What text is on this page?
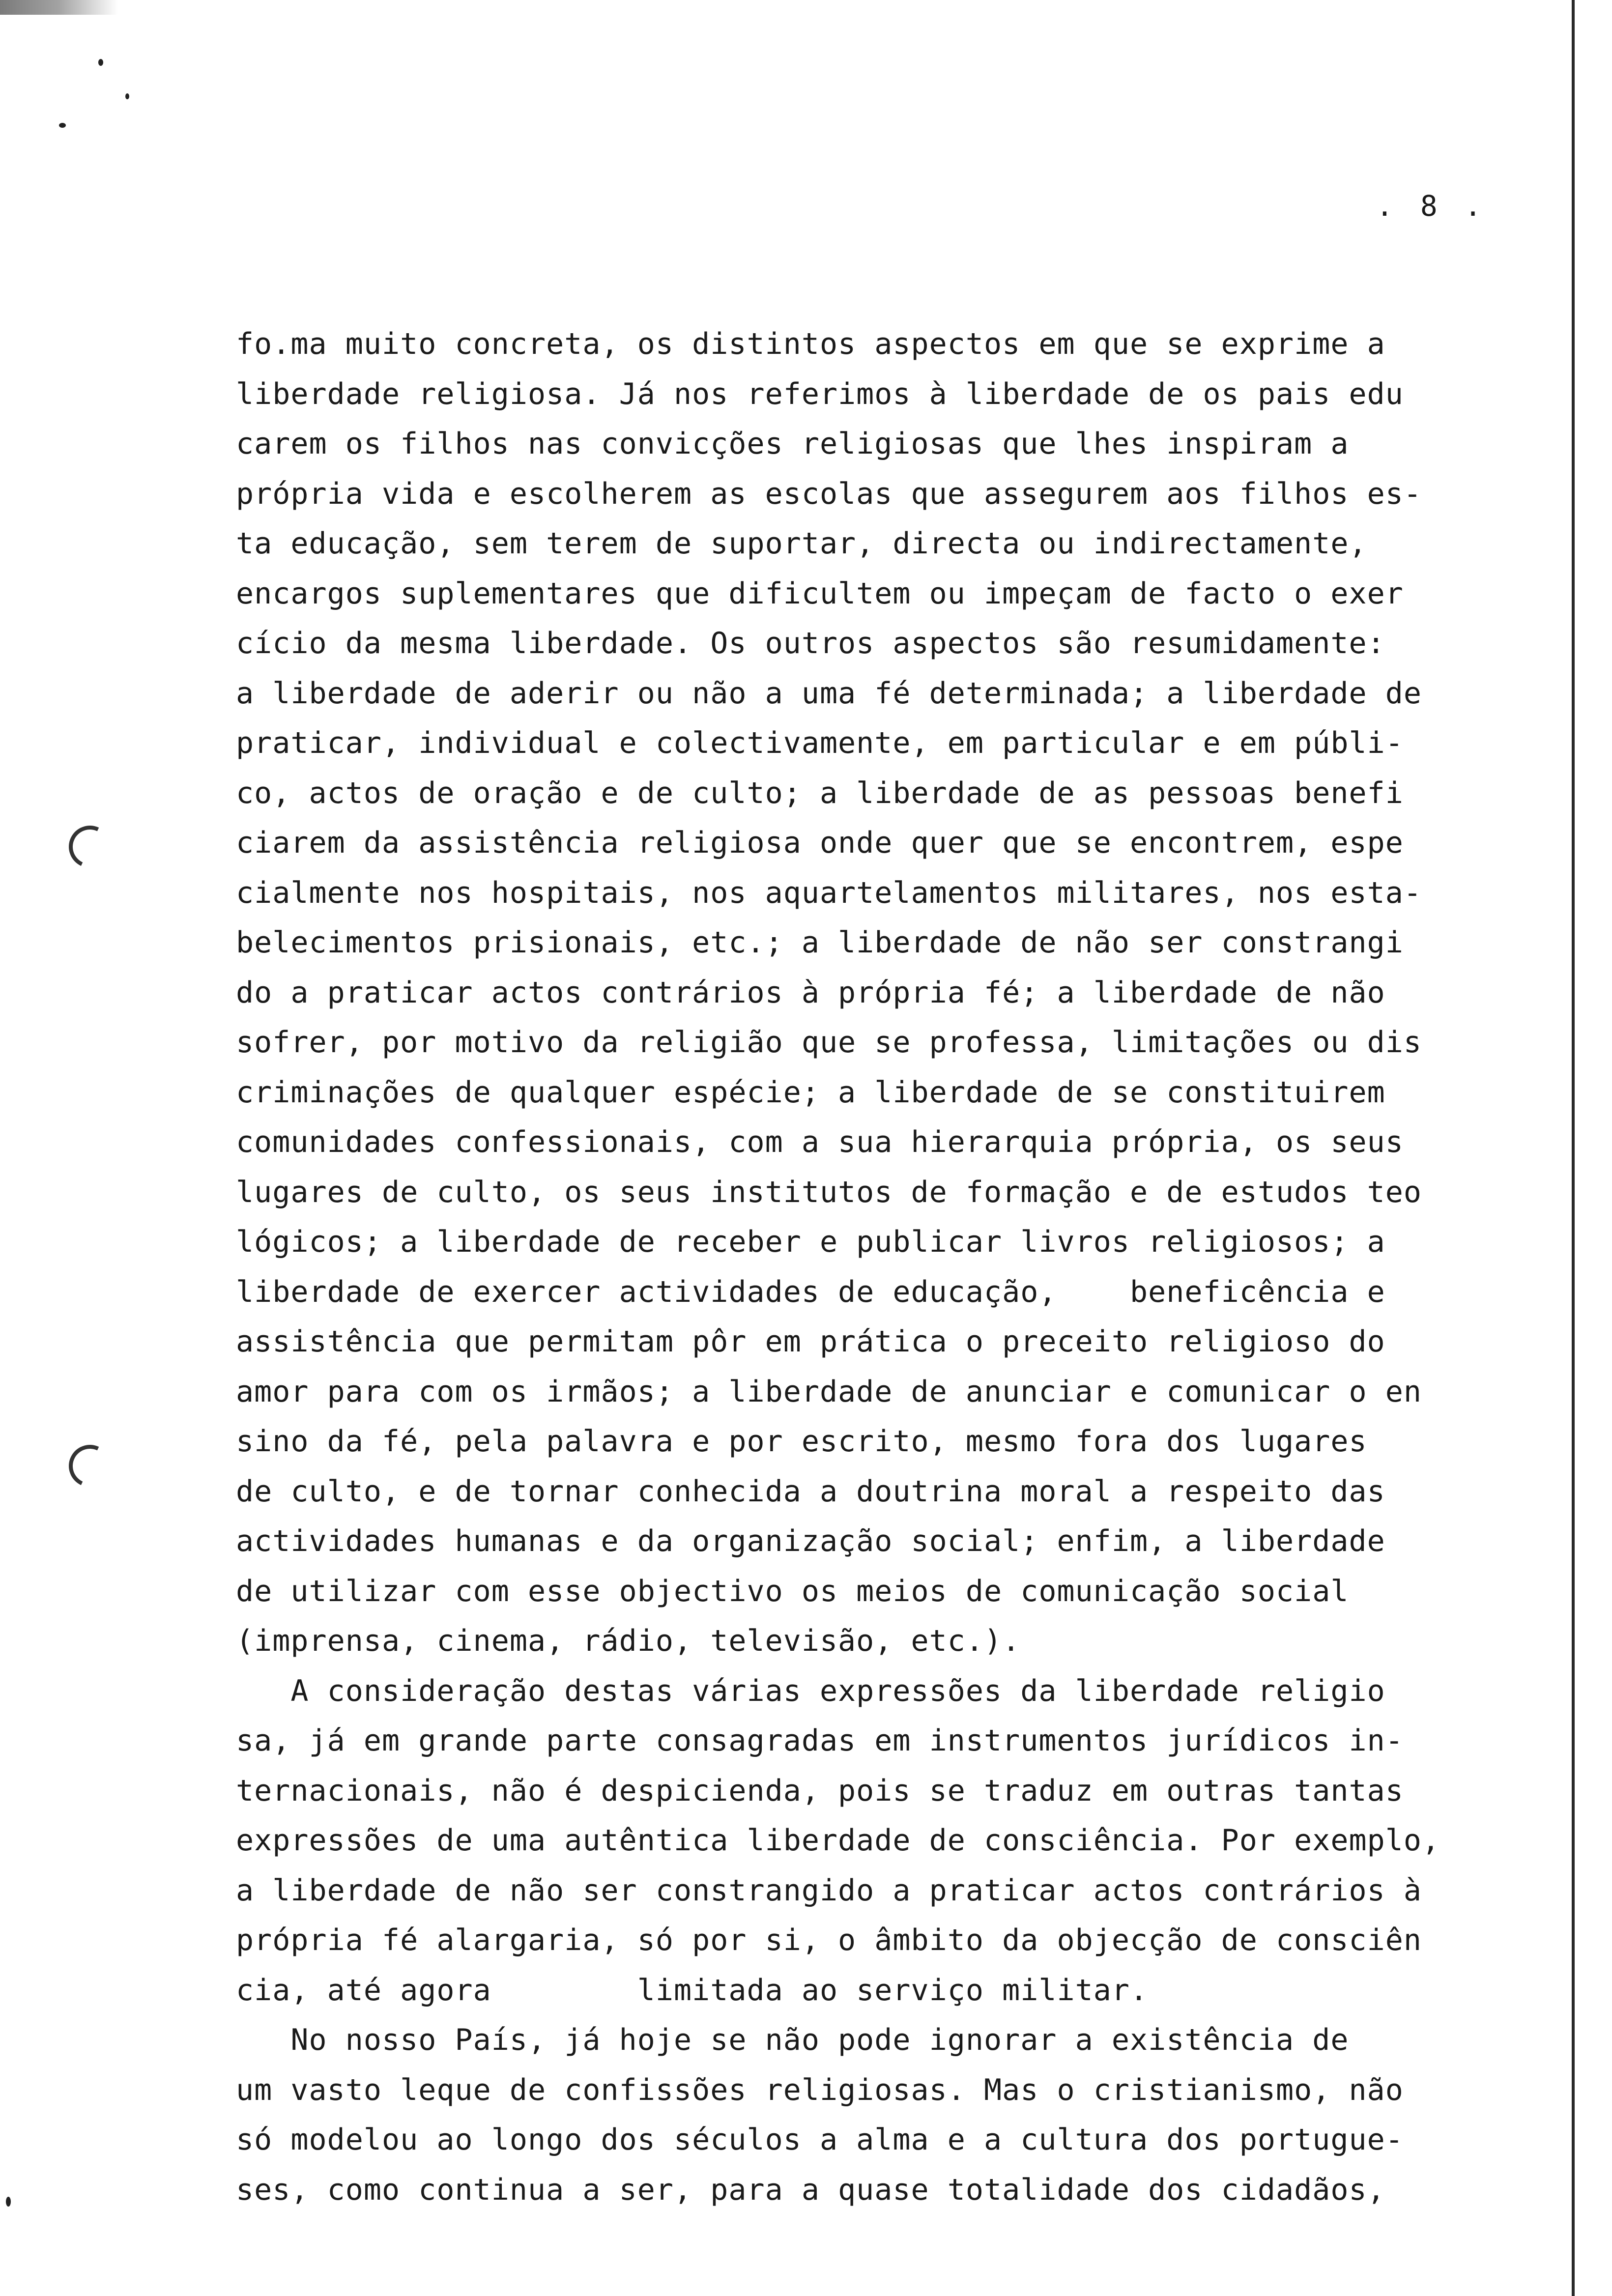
. 8 .
fo.ma muito concreta, os distintos aspectos em que se exprime a
liberdade religiosa. Já nos referimos à liberdade de os pais edu
carem os filhos nas convicções religiosas que lhes inspiram a
própria vida e escolherem as escolas que assegurem aos filhos es-
ta educação, sem terem de suportar, directa ou indirectamente,
encargos suplementares que dificultem ou impeçam de facto o exer
cício da mesma liberdade. Os outros aspectos são resumidamente:
a liberdade de aderir ou não a uma fé determinada; a liberdade de
praticar, individual e colectivamente, em particular e em públi-
co, actos de oração e de culto; a liberdade de as pessoas benefi
ciarem da assistência religiosa onde quer que se encontrem, espe
cialmente nos hospitais, nos aquartelamentos militares, nos esta-
belecimentos prisionais, etc.; a liberdade de não ser constrangi
do a praticar actos contrários à própria fé; a liberdade de não
sofrer, por motivo da religião que se professa, limitações ou dis
criminações de qualquer espécie; a liberdade de se constituirem
comunidades confessionais, com a sua hierarquia própria, os seus
lugares de culto, os seus institutos de formação e de estudos teo
lógicos; a liberdade de receber e publicar livros religiosos; a
liberdade de exercer actividades de educação,    beneficência e
assistência que permitam pôr em prática o preceito religioso do
amor para com os irmãos; a liberdade de anunciar e comunicar o en
sino da fé, pela palavra e por escrito, mesmo fora dos lugares
de culto, e de tornar conhecida a doutrina moral a respeito das
actividades humanas e da organização social; enfim, a liberdade
de utilizar com esse objectivo os meios de comunicação social
(imprensa, cinema, rádio, televisão, etc.).
A consideração destas várias expressões da liberdade religio
sa, já em grande parte consagradas em instrumentos jurídicos in-
ternacionais, não é despicienda, pois se traduz em outras tantas
expressões de uma autêntica liberdade de consciência. Por exemplo,
a liberdade de não ser constrangido a praticar actos contrários à
própria fé alargaria, só por si, o âmbito da objecção de consciên
cia, até agora        limitada ao serviço militar.
No nosso País, já hoje se não pode ignorar a existência de
um vasto leque de confissões religiosas. Mas o cristianismo, não
só modelou ao longo dos séculos a alma e a cultura dos portugue-
ses, como continua a ser, para a quase totalidade dos cidadãos,
